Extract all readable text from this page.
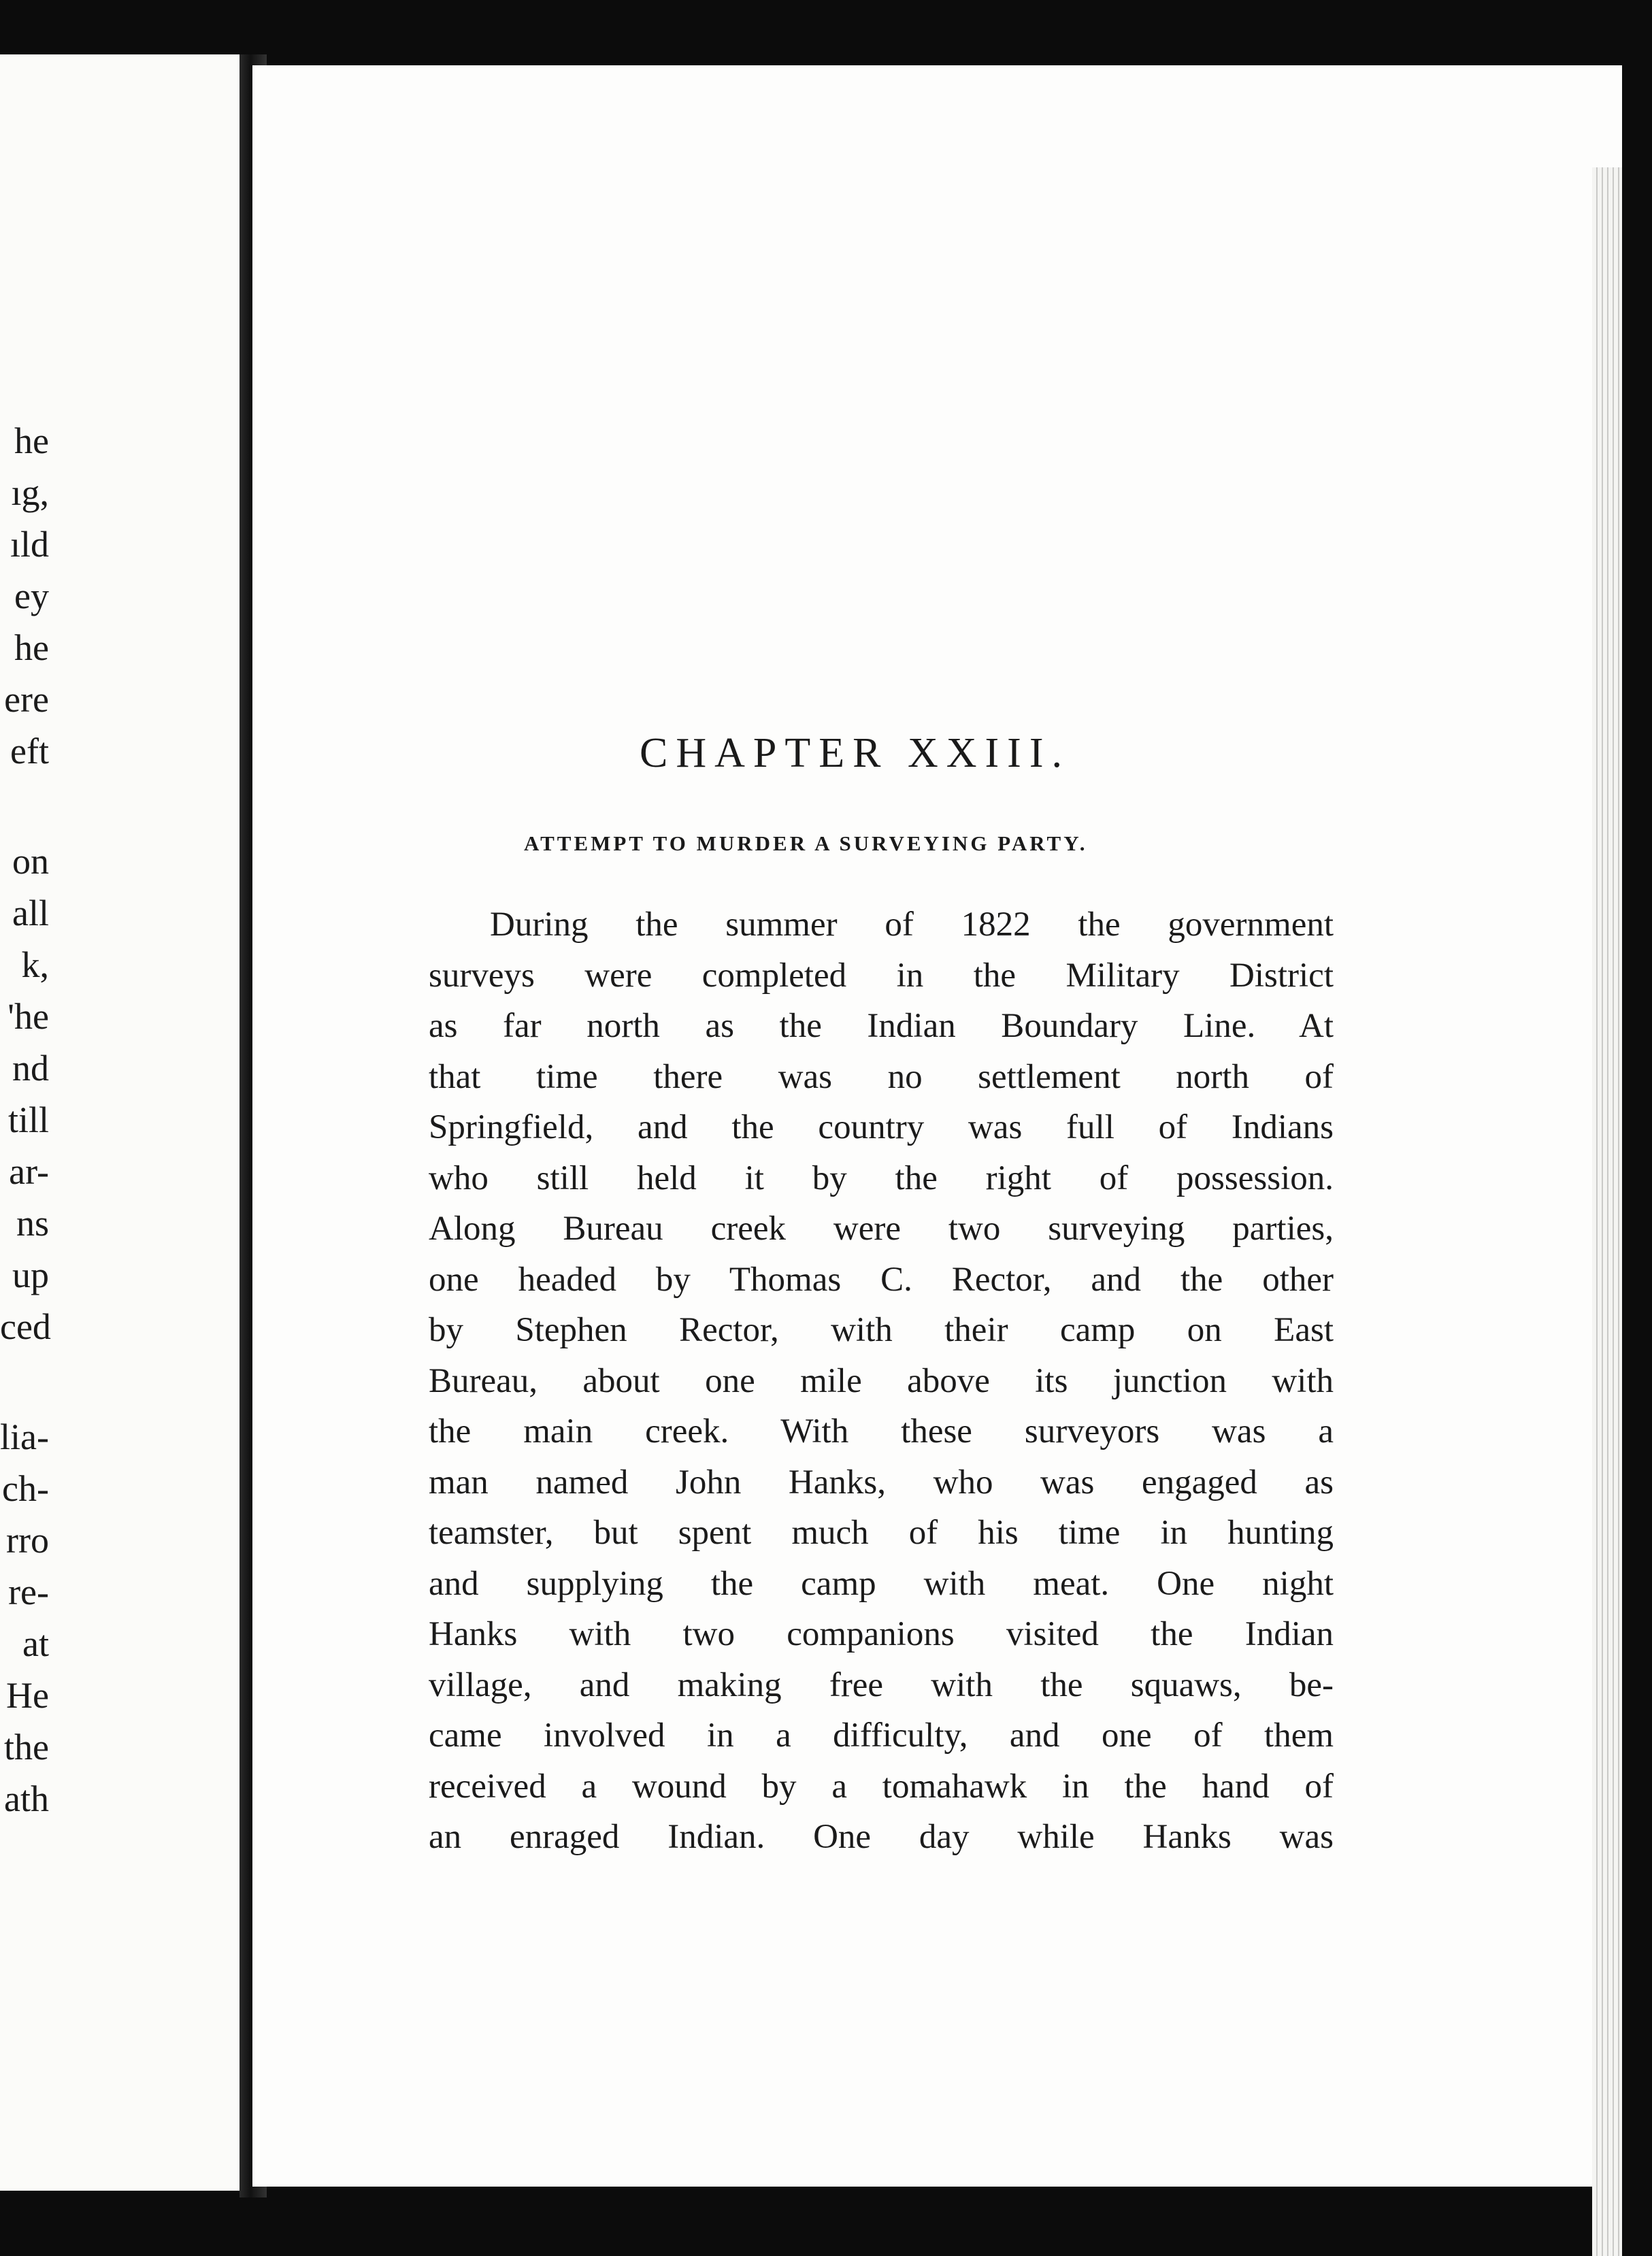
he
ıg,
ıld
ey
he
ere
eft
on
all
k,
'he
nd
till
ar-
ns
up
ced
lia-
ch-
rro
re-
at
He
the
ath
CHAPTER XXIII.
ATTEMPT TO MURDER A SURVEYING PARTY.
During the summer of 1822 the government
surveys were completed in the Military District
as far north as the Indian Boundary Line. At
that time there was no settlement north of
Springfield, and the country was full of Indians
who still held it by the right of possession.
Along Bureau creek were two surveying parties,
one headed by Thomas C. Rector, and the other
by Stephen Rector, with their camp on East
Bureau, about one mile above its junction with
the main creek. With these surveyors was a
man named John Hanks, who was engaged as
teamster, but spent much of his time in hunting
and supplying the camp with meat. One night
Hanks with two companions visited the Indian
village, and making free with the squaws, be-
came involved in a difficulty, and one of them
received a wound by a tomahawk in the hand of
an enraged Indian. One day while Hanks was
